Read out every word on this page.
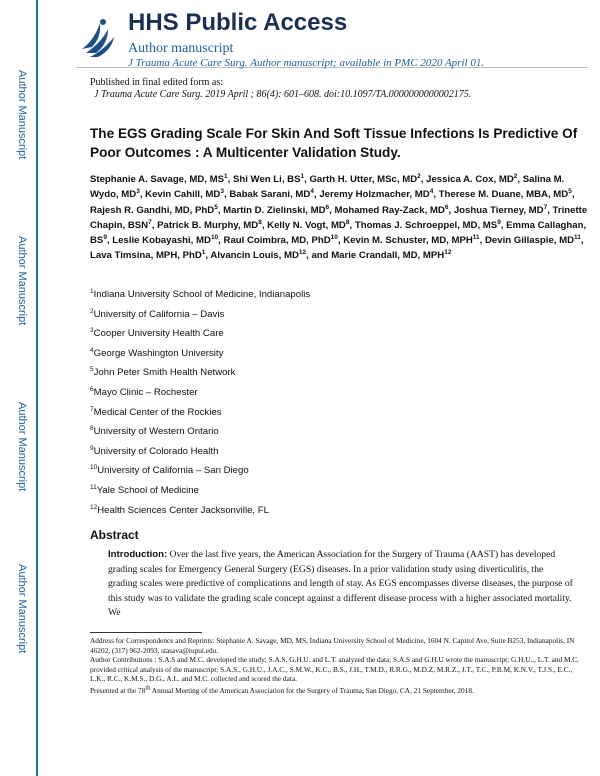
Author Manuscript
Author Manuscript
Author Manuscript
Author Manuscript
HHS Public Access
Author manuscript
J Trauma Acute Care Surg. Author manuscript; available in PMC 2020 April 01.
Published in final edited form as:
J Trauma Acute Care Surg. 2019 April ; 86(4): 601–608. doi:10.1097/TA.0000000000002175.
The EGS Grading Scale For Skin And Soft Tissue Infections Is Predictive Of Poor Outcomes : A Multicenter Validation Study.
Stephanie A. Savage, MD, $MS^1$, Shi Wen Li, $BS^1$, Garth H. Utter, MSc, $MD^2$, Jessica A. Cox, $MD^2$, Salina M. Wydo, $MD^3$, Kevin Cahill, $MD^3$, Babak Sarani, $MD^4$, Jeremy Holzmacher, $MD^4$, Therese M. Duane, MBA, $MD^5$, Rajesh R. Gandhi, MD, PhD$^5$, Martin D. Zielinski, $MD^6$, Mohamed Ray-Zack, $MD^6$, Joshua Tierney, $MD^7$, Trinette Chapin, BSN$^7$, Patrick B. Murphy, $MD^8$, Kelly N. Vogt, $MD^8$, Thomas J. Schroeppel, MD, $MS^9$, Emma Callaghan, $BS^9$, Leslie Kobayashi, MD$^{10}$, Raul Coimbra, MD, PhD$^{10}$, Kevin M. Schuster, MD, MPH$^{11}$, Devin Gillaspie, MD$^{11}$, Lava Timsina, MPH, PhD$^1$, Alvancin Louis, MD$^{12}$, and Marie Crandall, MD, MPH$^{12}$
$^1$Indiana University School of Medicine, Indianapolis
$^2$University of California – Davis
$^3$Cooper University Health Care
$^4$George Washington University
$^5$John Peter Smith Health Network
$^6$Mayo Clinic – Rochester
$^7$Medical Center of the Rockies
$^8$University of Western Ontario
$^9$University of Colorado Health
$^{10}$University of California – San Diego
$^{11}$Yale School of Medicine
$^{12}$Health Sciences Center Jacksonville, FL
Abstract

Introduction: Over the last five years, the American Association for the Surgery of Trauma (AAST) has developed grading scales for Emergency General Surgery (EGS) diseases. In a prior validation study using diverticulitis, the grading scales were predictive of complications and length of stay. As EGS encompasses diverse diseases, the purpose of this study was to validate the grading scale concept against a different disease process with a higher associated mortality. We

Address for Correspondence and Reprints: Stephanie A. Savage, MD, MS, Indiana University School of Medicine, 1604 N. Capitol Ave, Suite B253, Indianapolis, IN 46202, (317) 962-2093, stasava@iupui.edu.

Author Contributions : S.A.S and M.C. developed the study; S.A.S, G.H.U. and L.T. analyzed the data; S.A.S and G.H.U wrote the manuscript; G.H.U.., L.T. and M.C. provided critical analysis of the manuscript; S.A.S., G.H.U., J.A.C., S.M.W., K.C., B.S., J.H., T.M.D., R.R.G., M.D.Z, M.R.Z., J.T., T.C., P.B.M, K.N.V., T.J.S., E.C., L.K., R.C., K.M.S., D.G., A.L. and M.C. collected and scored the data.

Presented at the 78th Annual Meeting of the American Association for the Surgery of Trauma, San Diego, CA, 21 September, 2018.
